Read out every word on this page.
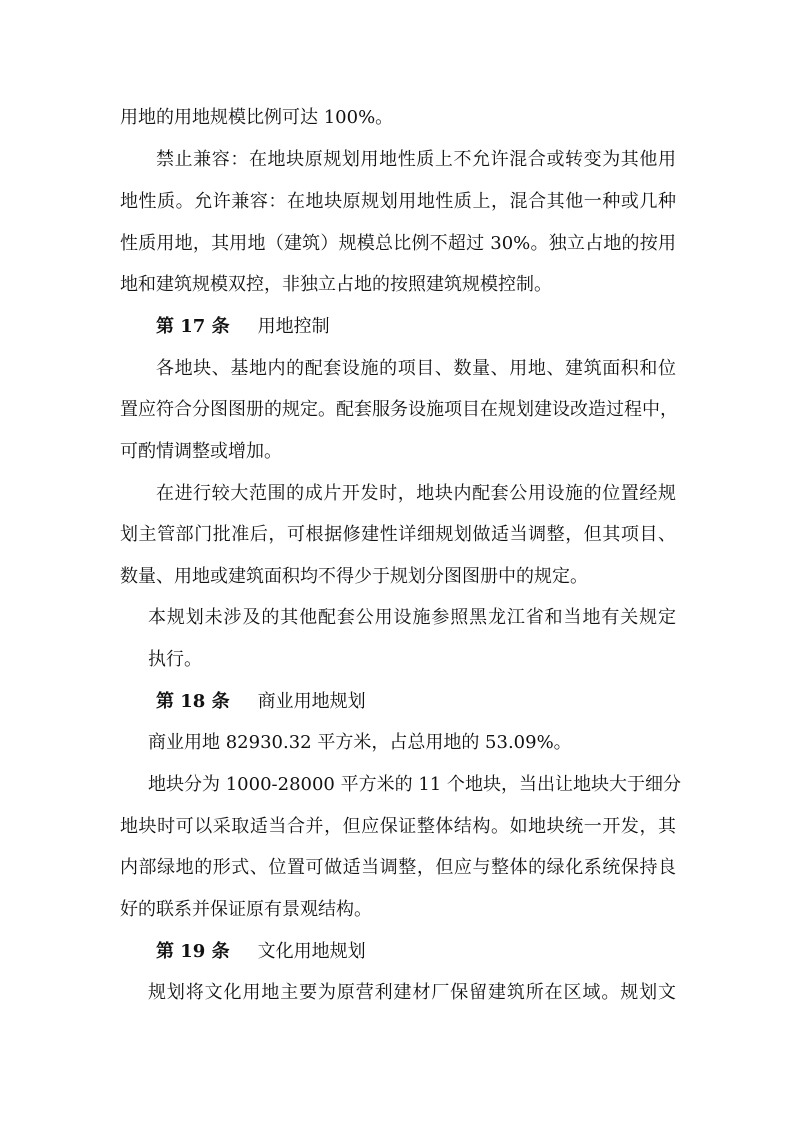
用地的用地规模比例可达 100%。
禁止兼容：在地块原规划用地性质上不允许混合或转变为其他用
地性质。允许兼容：在地块原规划用地性质上，混合其他一种或几种
性质用地，其用地（建筑）规模总比例不超过 30%。独立占地的按用
地和建筑规模双控，非独立占地的按照建筑规模控制。
第 17 条 用地控制
各地块、基地内的配套设施的项目、数量、用地、建筑面积和位
置应符合分图图册的规定。配套服务设施项目在规划建设改造过程中，
可酌情调整或增加。
在进行较大范围的成片开发时，地块内配套公用设施的位置经规
划主管部门批准后，可根据修建性详细规划做适当调整，但其项目、
数量、用地或建筑面积均不得少于规划分图图册中的规定。
本规划未涉及的其他配套公用设施参照黑龙江省和当地有关规定
执行。
第 18 条 商业用地规划
商业用地 82930.32 平方米，占总用地的 53.09%。
地块分为 1000-28000 平方米的 11 个地块，当出让地块大于细分
地块时可以采取适当合并，但应保证整体结构。如地块统一开发，其
内部绿地的形式、位置可做适当调整，但应与整体的绿化系统保持良
好的联系并保证原有景观结构。
第 19 条 文化用地规划
规划将文化用地主要为原营利建材厂保留建筑所在区域。规划文
